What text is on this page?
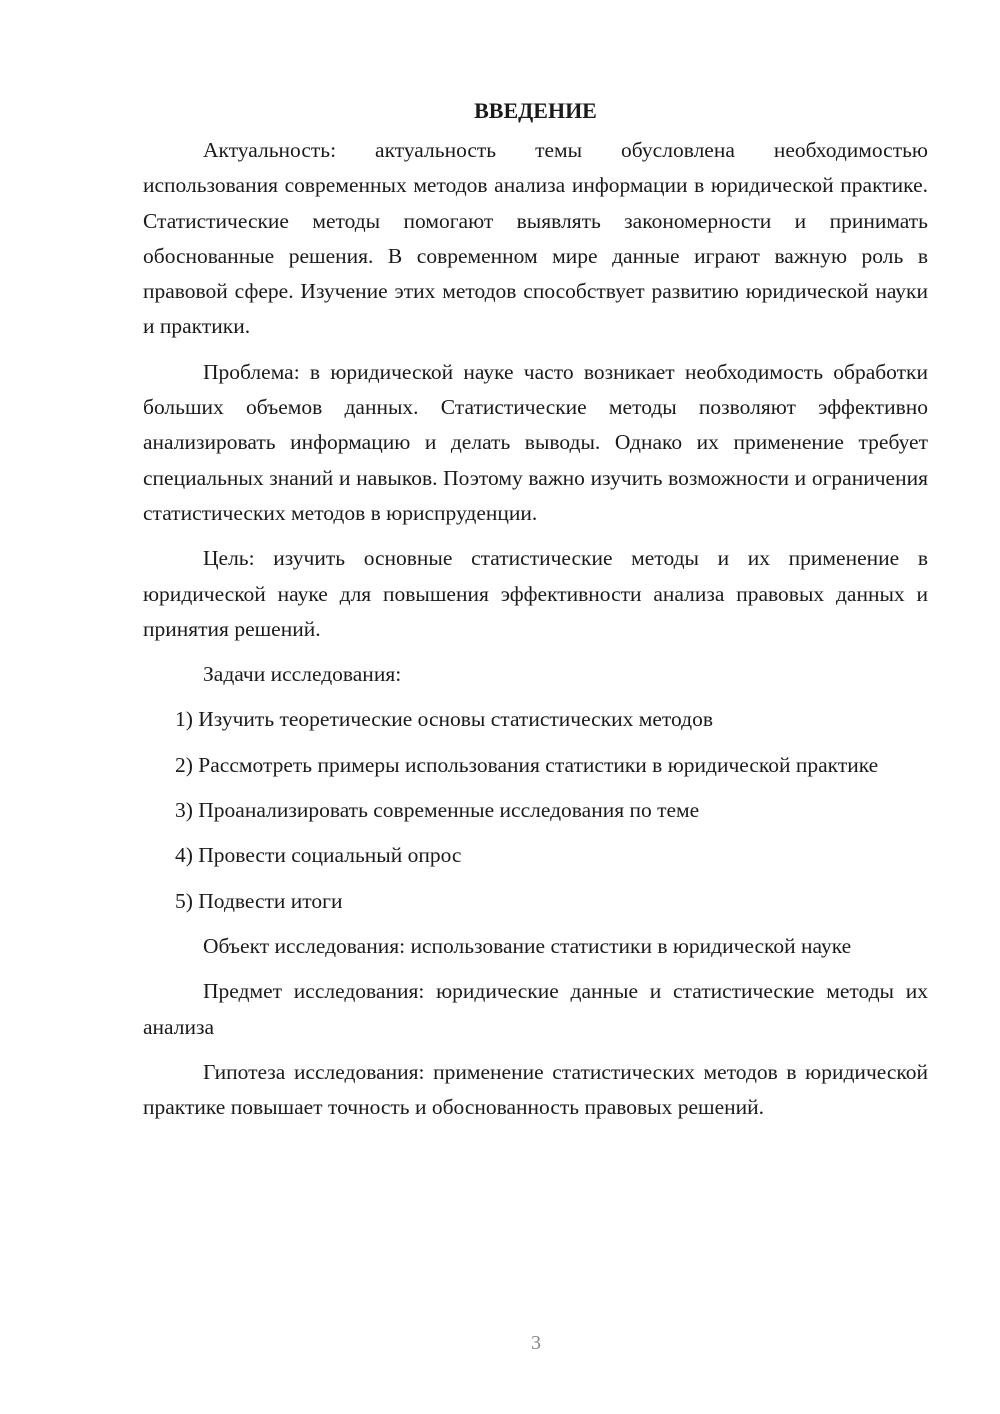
ВВЕДЕНИЕ

Актуальность: актуальность темы обусловлена необходимостью использования современных методов анализа информации в юридической практике. Статистические методы помогают выявлять закономерности и принимать обоснованные решения. В современном мире данные играют важную роль в правовой сфере. Изучение этих методов способствует развитию юридической науки и практики.

Проблема: в юридической науке часто возникает необходимость обработки больших объемов данных. Статистические методы позволяют эффективно анализировать информацию и делать выводы. Однако их применение требует специальных знаний и навыков. Поэтому важно изучить возможности и ограничения статистических методов в юриспруденции.

Цель: изучить основные статистические методы и их применение в юридической науке для повышения эффективности анализа правовых данных и принятия решений.

Задачи исследования:

1) Изучить теоретические основы статистических методов

2) Рассмотреть примеры использования статистики в юридической практике

3) Проанализировать современные исследования по теме

4) Провести социальный опрос

5) Подвести итоги

Объект исследования: использование статистики в юридической науке

Предмет исследования: юридические данные и статистические методы их анализа

Гипотеза исследования: применение статистических методов в юридической практике повышает точность и обоснованность правовых решений.

3
